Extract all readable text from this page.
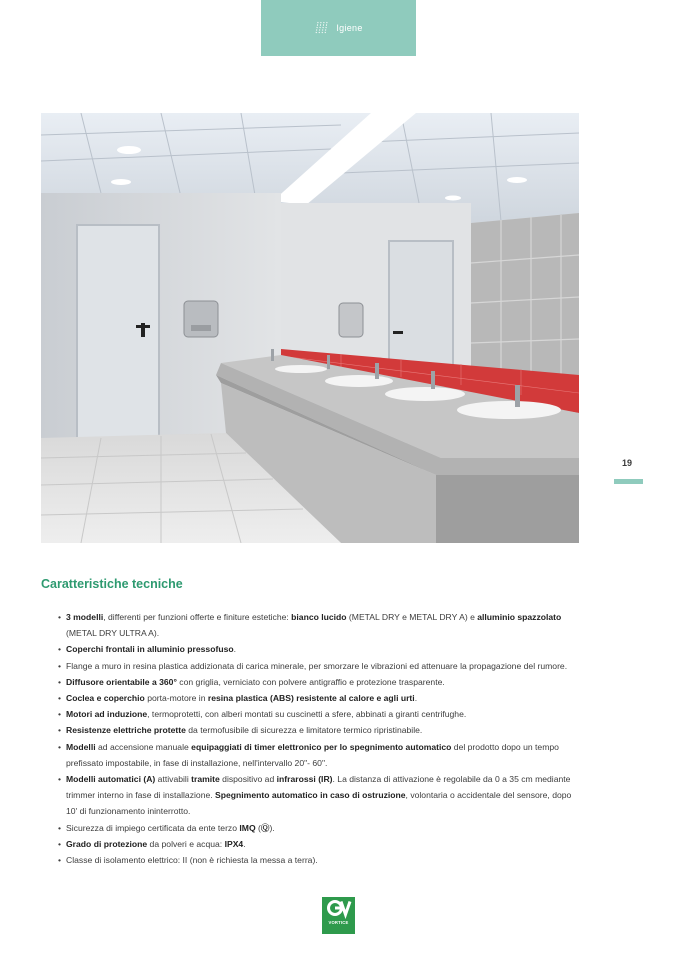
Igiene
19
Caratteristiche tecniche
• 3 modelli, differenti per funzioni offerte e finiture estetiche: bianco lucido (METAL DRY e METAL DRY A) e alluminio spazzolato (METAL DRY ULTRA A).
• Coperchi frontali in alluminio pressofuso.
• Flange a muro in resina plastica addizionata di carica minerale, per smorzare le vibrazioni ed attenuare la propagazione del rumore.
• Diffusore orientabile a 360° con griglia, verniciato con polvere antigraffio e protezione trasparente.
• Coclea e coperchio porta-motore in resina plastica (ABS) resistente al calore e agli urti.
• Motori ad induzione, termoprotetti, con alberi montati su cuscinetti a sfere, abbinati a giranti centrifughe.
• Resistenze elettriche protette da termofusibile di sicurezza e limitatore termico ripristinabile.
• Modelli ad accensione manuale equipaggiati di timer elettronico per lo spegnimento automatico del prodotto dopo un tempo prefissato impostabile, in fase di installazione, nell'intervallo 20"- 60".
• Modelli automatici (A) attivabili tramite dispositivo ad infrarossi (IR). La distanza di attivazione è regolabile da 0 a 35 cm mediante trimmer interno in fase di installazione. Spegnimento automatico in caso di ostruzione, volontaria o accidentale del sensore, dopo 10' di funzionamento ininterrotto.
• Sicurezza di impiego certificata da ente terzo IMQ (Ⓠ).
• Grado di protezione da polveri e acqua: IPX4.
• Classe di isolamento elettrico: II (non è richiesta la messa a terra).
VORTICE
